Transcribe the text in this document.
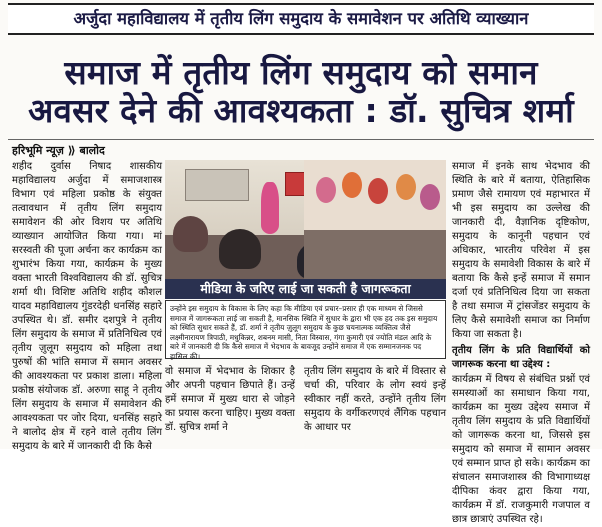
अर्जुदा महाविद्यालय में तृतीय लिंग समुदाय के समावेशन पर अतिथि व्याख्यान
समाज में तृतीय लिंग समुदाय को समान
अवसर देने की आवश्यकता : डॉ. सुचित्र शर्मा
हरिभूमि न्यूज़ ⟫ बालोद
शहीद दुर्वास निषाद शासकीय महाविद्यालय अर्जुदा में समाजशास्त्र विभाग एवं महिला प्रकोष्ठ के संयुक्त तत्वावधान में तृतीय लिंग समुदाय समावेशन की ओर विशय पर अतिथि व्याख्यान आयोजित किया गया। मां सरस्वती की पूजा अर्चना कर कार्यक्रम का शुभारंभ किया गया, कार्यक्रम के मुख्य वक्ता भारती विश्वविद्यालय की डॉ. सुचित्र शर्मा थी। विशिष्ट अतिथि शहीद कौशल यादव महाविद्यालय गुंडरदेही धनसिंह सहारे उपस्थित थे। डॉ. समीर दशपुत्रे ने तृतीय लिंग समुदाय के समाज में प्रतिनिधित्व एवं तृतीय ज़ुलूग समुदाय को महिला तथा पुरुषों की भांति समाज में समान अवसर की आवश्यकता पर प्रकाश डाला। महिला प्रकोष्ठ संयोजक डॉ. अरुणा साहू ने तृतीय लिंग समुदाय के समाज में समावेशन की आवश्यकता पर जोर दिया, धनसिंह सहारे ने बालोद क्षेत्र में रहने वाले तृतीय लिंग समुदाय के बारे में जानकारी दी कि कैसे
मीडिया के जरिए लाई जा सकती है जागरूकता
उन्होंने इस समुदाय के विकास के लिए कहा कि मीडिया एवं प्रचार–प्रसार ही एक माध्यम से जिससे समाज में जागरूकता लाई जा सकती है, मानसिक स्थिति में सुधार के द्वारा भी एक हद तक इस समुदाय को स्थिति सुधार सकते हैं, डॉ. शर्मा ने तृतीय ज़ुलूग समुदाय के कुछ चयनात्मक व्यक्तित्व जैसे लक्ष्मीनारायण त्रिपाठी, मधुकिन्नर, शबनम मासी, निता विस्वास, गंगा कुमारी एवं ज्योति मंडल आदि के बारे में जानकारी दी कि कैसे समाज में भेदभाव के बावजूद उन्होंने समाज में एक सम्मानजनक पद हासिल की।
वो समाज में भेदभाव के शिकार है और अपनी पहचान छिपाते हैं। उन्हें हमें समाज में मुख्य धारा से जोड़ने का प्रयास करना चाहिए। मुख्य वक्ता डॉ. सुचित्र शर्मा ने
तृतीय लिंग समुदाय के बारे में विस्तार से चर्चा की, परिवार के लोग स्वयं इन्हें स्वीकार नहीं करते, उन्होंने तृतीय लिंग समुदाय के वर्गीकरणएवं लैंगिक पहचान के आधार पर
समाज में इनके साथ भेदभाव की स्थिति के बारे में बताया, ऐतिहासिक प्रमाण जैसे रामायण एवं महाभारत में भी इस समुदाय का उल्लेख की जानकारी दी, वैज्ञानिक दृष्टिकोण, समुदाय के कानूनी पहचान एवं अधिकार, भारतीय परिवेश में इस समुदाय के समावेशी विकास के बारे में बताया कि कैसे इन्हें समाज में समान दर्जा एवं प्रतिनिधित्व दिया जा सकता है तथा समाज में ट्रांसजेंडर समुदाय के लिए कैसे समावेशी समाज का निर्माण किया जा सकता है।
तृतीय लिंग के प्रति विद्यार्थियों को जागरूक करना था उद्देश्य :
कार्यक्रम में विषय से संबंधित प्रश्नों एवं समस्याओं का समाधान किया गया, कार्यक्रम का मुख्य उद्देश्य समाज में तृतीय लिंग समुदाय के प्रति विद्यार्थियों को जागरूक करना था, जिससे इस समुदाय को समाज में सामान अवसर एवं सम्मान प्राप्त हो सके। कार्यक्रम का संचालन समाजशास्त्र की विभागाध्यक्ष दीपिका कंवर द्वारा किया गया, कार्यक्रम में डॉ. राजकुमारी गजपाल व छात्र छात्राएं उपस्थित रहे।
